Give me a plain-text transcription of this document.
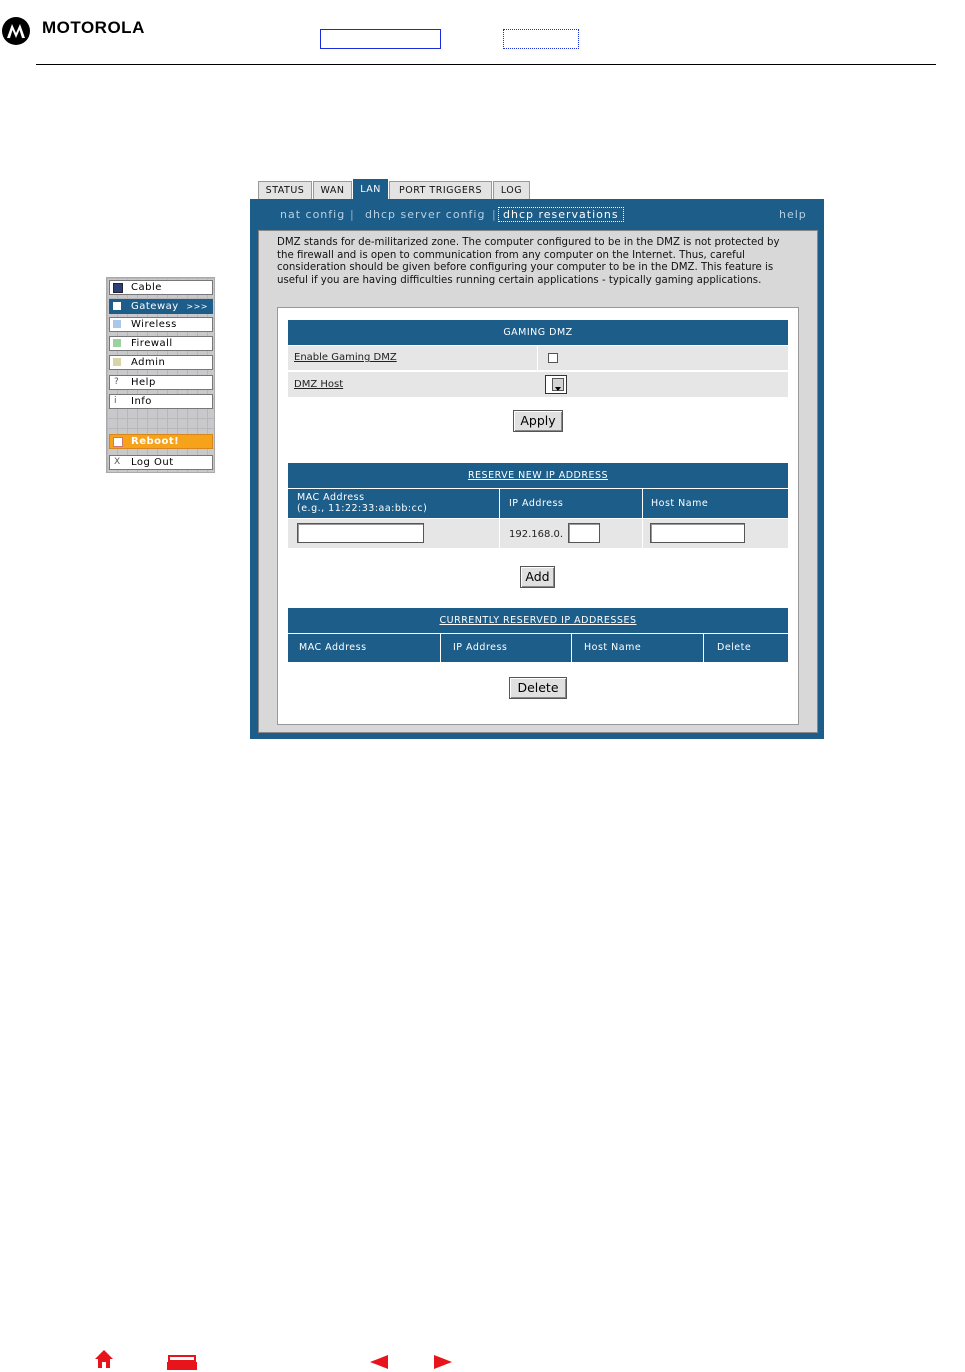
MOTOROLA
Cable
Gateway >>>
Wireless
Firewall
Admin
? Help
i Info
Reboot!
X Log Out
STATUS	WAN	LAN	PORT TRIGGERS	LOG
nat config | dhcp server config | dhcp reservations	help
DMZ stands for de-militarized zone. The computer configured to be in the DMZ is not protected by the firewall and is open to communication from any computer on the Internet. Thus, careful consideration should be given before configuring your computer to be in the DMZ. This feature is useful if you are having difficulties running certain applications - typically gaming applications.
GAMING DMZ
Enable Gaming DMZ
DMZ Host
Apply
RESERVE NEW IP ADDRESS
MAC Address
(e.g., 11:22:33:aa:bb:cc)	IP Address	Host Name
192.168.0.
Add
CURRENTLY RESERVED IP ADDRESSES
MAC Address	IP Address	Host Name	Delete
Delete
